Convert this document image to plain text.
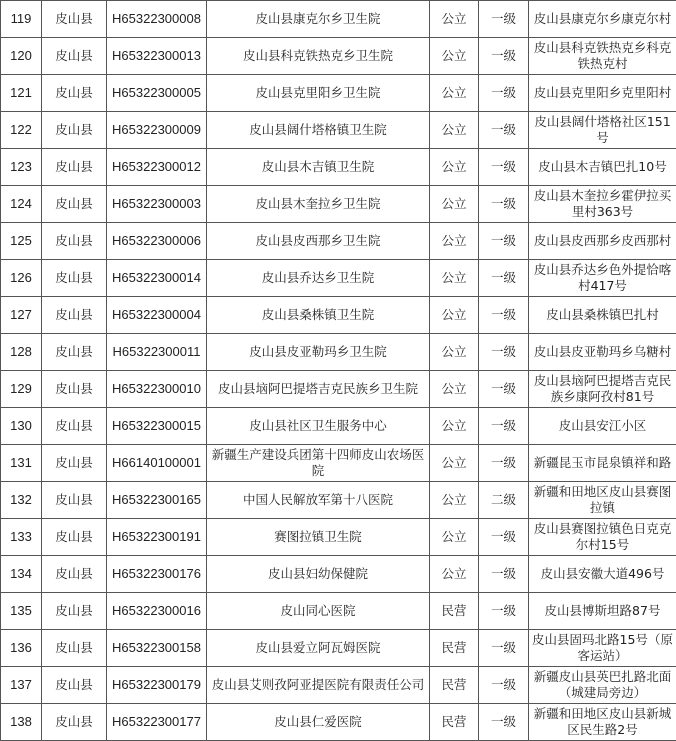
119	皮山县	H65322300008	皮山县康克尔乡卫生院	公立	一级	皮山县康克尔乡康克尔村
120	皮山县	H65322300013	皮山县科克铁热克乡卫生院	公立	一级	皮山县科克铁热克乡科克铁热克村
121	皮山县	H65322300005	皮山县克里阳乡卫生院	公立	一级	皮山县克里阳乡克里阳村
122	皮山县	H65322300009	皮山县阔什塔格镇卫生院	公立	一级	皮山县阔什塔格社区151号
123	皮山县	H65322300012	皮山县木吉镇卫生院	公立	一级	皮山县木吉镇巴扎10号
124	皮山县	H65322300003	皮山县木奎拉乡卫生院	公立	一级	皮山县木奎拉乡霍伊拉买里村363号
125	皮山县	H65322300006	皮山县皮西那乡卫生院	公立	一级	皮山县皮西那乡皮西那村
126	皮山县	H65322300014	皮山县乔达乡卫生院	公立	一级	皮山县乔达乡色外提恰喀村417号
127	皮山县	H65322300004	皮山县桑株镇卫生院	公立	一级	皮山县桑株镇巴扎村
128	皮山县	H65322300011	皮山县皮亚勒玛乡卫生院	公立	一级	皮山县皮亚勒玛乡乌糖村
129	皮山县	H65322300010	皮山县垴阿巴提塔吉克民族乡卫生院	公立	一级	皮山县垴阿巴提塔吉克民族乡康阿孜村81号
130	皮山县	H65322300015	皮山县社区卫生服务中心	公立	一级	皮山县安江小区
131	皮山县	H66140100001	新疆生产建设兵团第十四师皮山农场医院	公立	一级	新疆昆玉市昆泉镇祥和路
132	皮山县	H65322300165	中国人民解放军第十八医院	公立	二级	新疆和田地区皮山县赛图拉镇
133	皮山县	H65322300191	赛图拉镇卫生院	公立	一级	皮山县赛图拉镇色日克克尔村15号
134	皮山县	H65322300176	皮山县妇幼保健院	公立	一级	皮山县安徽大道496号
135	皮山县	H65322300016	皮山同心医院	民营	一级	皮山县博斯坦路87号
136	皮山县	H65322300158	皮山县爱立阿瓦姆医院	民营	一级	皮山县固玛北路15号（原客运站）
137	皮山县	H65322300179	皮山县艾则孜阿亚提医院有限责任公司	民营	一级	新疆皮山县英巴扎路北面（城建局旁边）
138	皮山县	H65322300177	皮山县仁爱医院	民营	一级	新疆和田地区皮山县新城区民生路2号
